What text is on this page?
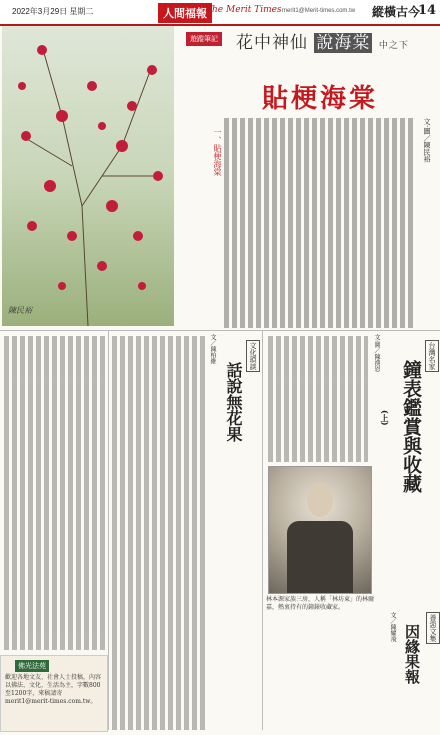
2022年3月29日 星期二	人間福報 The Merit Times merit1@Merit-times.com.tw 縱橫古今
14
陳民裕
遊蹤筆記 花中神仙 說海棠 中之下
貼梗海棠
文‧圖／陳民裕
一、貼梗海棠
台灣名家
鐘表鑑賞與收藏
(上)
文‧圖／陳漢恩
林本源家族三房，人稱「林坊東」的林爾嘉，熱衷持有的鐘錶收藏家。
文化瑣談
話說無花果
文／陳柏維
善惡文集
因緣果報
文／陳耀飛
佛光法苑
歡迎各地文友、社會人士投稿，內容以佛法、文化、生活為主，字數800至1200字，來稿請寄merit1@merit-times.com.tw。
